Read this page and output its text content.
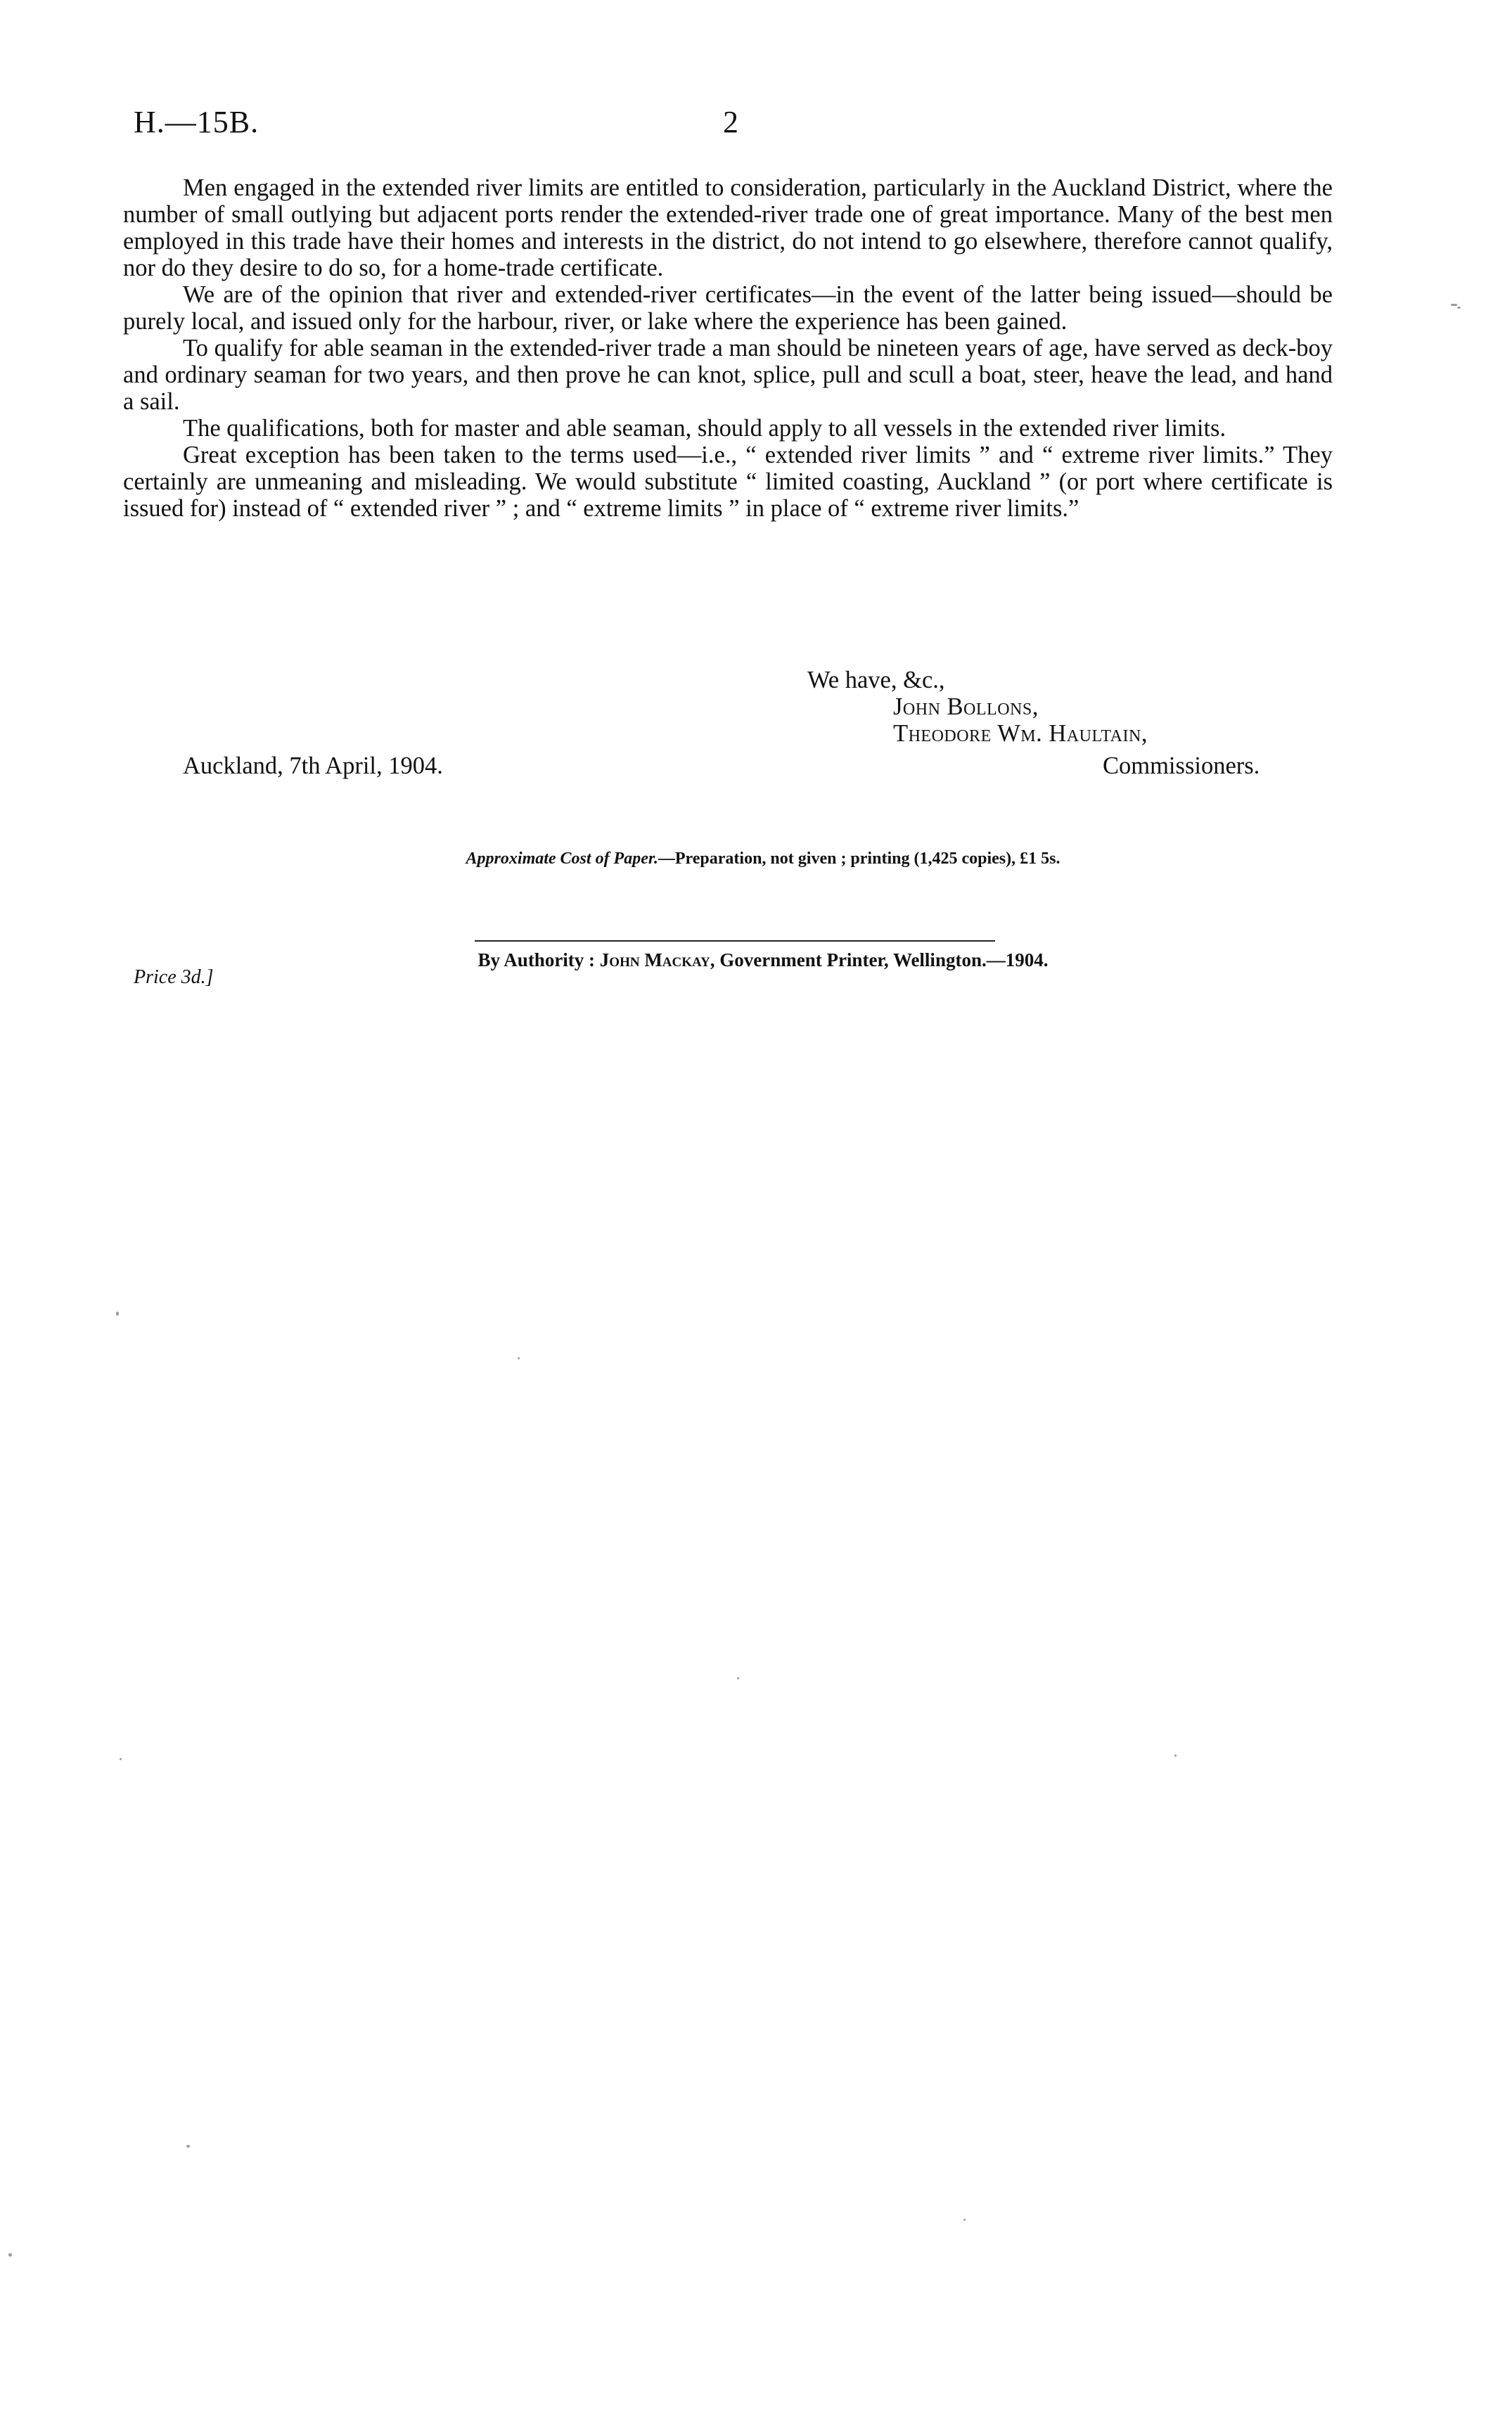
H.—15B.	2

Men engaged in the extended river limits are entitled to consideration, particularly in the Auckland District, where the number of small outlying but adjacent ports render the extended-river trade one of great importance. Many of the best men employed in this trade have their homes and interests in the district, do not intend to go elsewhere, therefore cannot qualify, nor do they desire to do so, for a home-trade certificate.

We are of the opinion that river and extended-river certificates—in the event of the latter being issued—should be purely local, and issued only for the harbour, river, or lake where the experience has been gained.

To qualify for able seaman in the extended-river trade a man should be nineteen years of age, have served as deck-boy and ordinary seaman for two years, and then prove he can knot, splice, pull and scull a boat, steer, heave the lead, and hand a sail.

The qualifications, both for master and able seaman, should apply to all vessels in the extended river limits.

Great exception has been taken to the terms used—i.e., “ extended river limits ” and “ extreme river limits.” They certainly are unmeaning and misleading. We would substitute “ limited coasting, Auckland ” (or port where certificate is issued for) instead of “ extended river ” ; and “ extreme limits ” in place of “ extreme river limits.”

We have, &c.,
John Bollons,
Theodore Wm. Haultain,
Auckland, 7th April, 1904.	Commissioners.
Approximate Cost of Paper.—Preparation, not given ; printing (1,425 copies), £1 5s.
By Authority : John Mackay, Government Printer, Wellington.—1904.
Price 3d.]
